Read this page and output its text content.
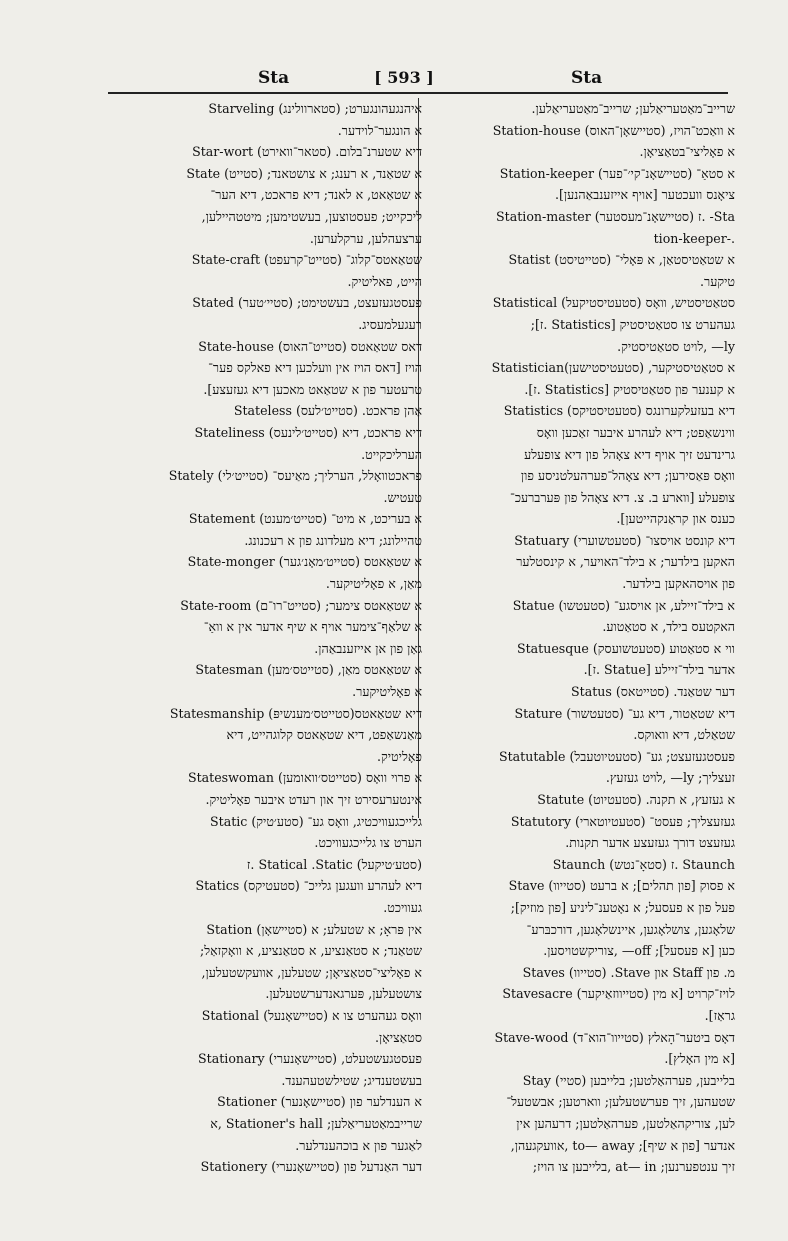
Sta	[ 593 ]	Sta
איהנגעהונגערט; (סטארוולינג) Starveling
א הונגער־לוידער.
דיא שטערנ־בלום. (סטאר־וואירט) Star-wort
א שטאַנד, א רענג; א צושטאנד; (סטייט) State
א שטאַאט, א לאנד; דיא פראכט, דיא הער־
ליכקייט; פעסטוצען, בעשטימען; מיטטהיילען,
ערצעהלען, ערקלערען.
שטאַאטס־קלוג־ (סטייט־קרעפט) State-craft
הייט, פאליטיק.
פעסטגעזעצט, בעשטימט; (סטיי׳טער) Stated
רעגעלמעסיג.
דאס שטאַאטס (סטייט־האוס) State-house
הויז [דאס הויז אין וועלכען דיא פאלקס פער־
טרעטער פון א שטאַאט מאכען דיא געזעצע].
אַהן פראכט. (סטייט׳לעס) Stateless
דיא פראכט, דיא (סטייט׳לינעס) Stateliness
הערליכקייט.
פראכטוואָלל, הערליך; מאַיעס־ (סטייט׳לי) Stately
טעטיש.
א בעריכט, א מיט־ (סטייט׳מענט) Statement
טהיילונג; דיא מעלדונג פון א רעכנונג.
א שטאַאטס (סטייט׳מאָנ׳גער) State-monger
מאַן, א פאָליטיקער.
א שטאַאטס צימער; (סטייט־רו־ם) State-room
א שלאַף־צימער אויף א שיף אדער אין א וואַ־
גאַן פון אן אייזענבאַהן.
א שטאַאטס מאַן, (סטייטס׳מען) Statesman
א פאָליטיקער.
דיא שטאַאטס(סטייטס׳מענשיפּ) Statesmanship
מאַנשאַפט, דיא שטאַאטס קלוגהייט, דיא
פאָליטיק.
א פרוי וואָס (סטייטס׳וואומען) Stateswoman
אינטערעסירט זיך און רעדט איבער פאָליטיק.
גלייכגעוויכטיג, וואָס גע־ (סטע׳טיק) Static
הערט צו גלייכגעוויכט.
(סטע׳טיקעל) Statical .Static .ז
דיא לעהרע וועגען גלייכ־ (סטעטיקס) Statics
געוויכט.
אין פּראָ; א שטעלע; א (סטיישאָן) Station
שטאַנד; א סטאַנציע, א סטאַנציע, א וואָקזאַל;
א פאָליצי־סטאַציאָן; שטעלען, אוועקשטעלען,
צושטעלען, פּערגאנדערשטעלען.
וואָס געהערט צו א (סטיישאָנעל) Stational
סטאַציאָן.
פעסטגעשטעלט, (סטיישאָנערי) Stationary
בעשטענדיג; שטילשטעהענד.
א הענדלער פון (סטיישאָנער) Stationer
שרייבמאַטעריאַלען; Stationer's hall ,א
לאַגער פון א בוכהענדלער.
דער האַנדעל פון (סטיישאָנערי) Stationery
שרייב־מאַטעריאַלען; שרייב־מאַטעריאַלען.
א וואַכט־הויז, (סטיישאָן־האוס) Station-house
א פאָליצי־בטאַציאָן.
א סטאַ־ (סטיישאָנ־קי׳־פער) Station-keeper
ציאָנס וועכטער [אויף אייזענבאַהנען].
Sta- .ז (סטיישאָנ־מעסטער) Station-master
.-tion-keeper
א שטאַטיסטאַן, א פּאָלי־ (סטייטיסט) Statist
טיקער.
סטאַטיסטיש, וואָס (סטעטיסטיקעל) Statistical
געהערט צו סטאַטיסטיק [Statistics .ז];
ly— ,לויט סטאַטיסטיק.
א סטאַטיסטיקער, (סטעטיסטישען)Statistician
א קענער פון סטאַטיסטיק [Statistics .ז].
דיא בעזעלקערונגס (סטעטיסטיקס) Statistics
ווינשאַפט; דיא לעהרע איבער זאַכען וואָס
גרינדעט זיך אויף דיא צאָהל פון דיא צופעלע
וואָס פּאַסירען; דיא צאָהל־פערהעלטניסע פון
צופעלע [ווארע ב. צ. דיא צאָהל פון פּערברעכ־
כענס און קראַנקהייטען].
דיא קונסט אויסצו־ (סטעטשוערי) Statuary
האקען בילדער; א בילד־האויער, א קינסטלער
פון אויסהאקען בילדער.
א בילד־זיילע, אן אויסגע־ (סטעטשו) Statue
האקטעס בילד, א סטאַטוע.
ווי א סטאַטוע (סטעטשועסק) Statuesque
אדער בילד־זיילע [Statue .ז].
דער שטאַנד. (סטייטאס) Status
דיא שטאַטור, דיא גע־ (סטעטשור) Stature
שטאַלט, דיא וואוקס.
פעסטגעזעצט; גע־ (סטעטיוטעבל) Statutable
זעצליך; ly— ,לויט געזעץ.
א געזעץ, א תקנה. (סטעטיוט) Statute
געזעצליך; פעסט־ (סטעטיוטארי) Statutory
געזעצט דורך געזעצע אדער תקנות.
Staunch .ז (סטאָ־נטש) Staunch
א פסוק [פון תהלים]; א ברעט (סטייוו) Stave
פעל פון א פעסעל; א נאָטענ־ליניע [פון מוזיק];
שלאָגען, צושלאָגען, איינשלאָגען, דורכבּרע־
כען [א פעסעל]; off— ,צוריקשטויסען.
מ. פון Staff און Stave. (סטייוו) Staves
לויז־קרויט [א מין (סטייווזאַיקער) Stavesacre
גראַז].
דאָס ביטער־הָאלץ (סטייוו־הוא־ד) Stave-wood
[א מין האָלץ].
בלייבען, פערהאַלטען; בלייבען (סטיי) Stay
שטעהען, זיך פערשטעלען; ווארטען; אבשטעל־
לען, צוריקהאַלטען, פערהאַלטען; דרעהען אין
אנדער [פון א שיף]; to— away ,אוועקגעהן,
זיך ענטפערנען; at— in ,בלייבען צו הויז;
